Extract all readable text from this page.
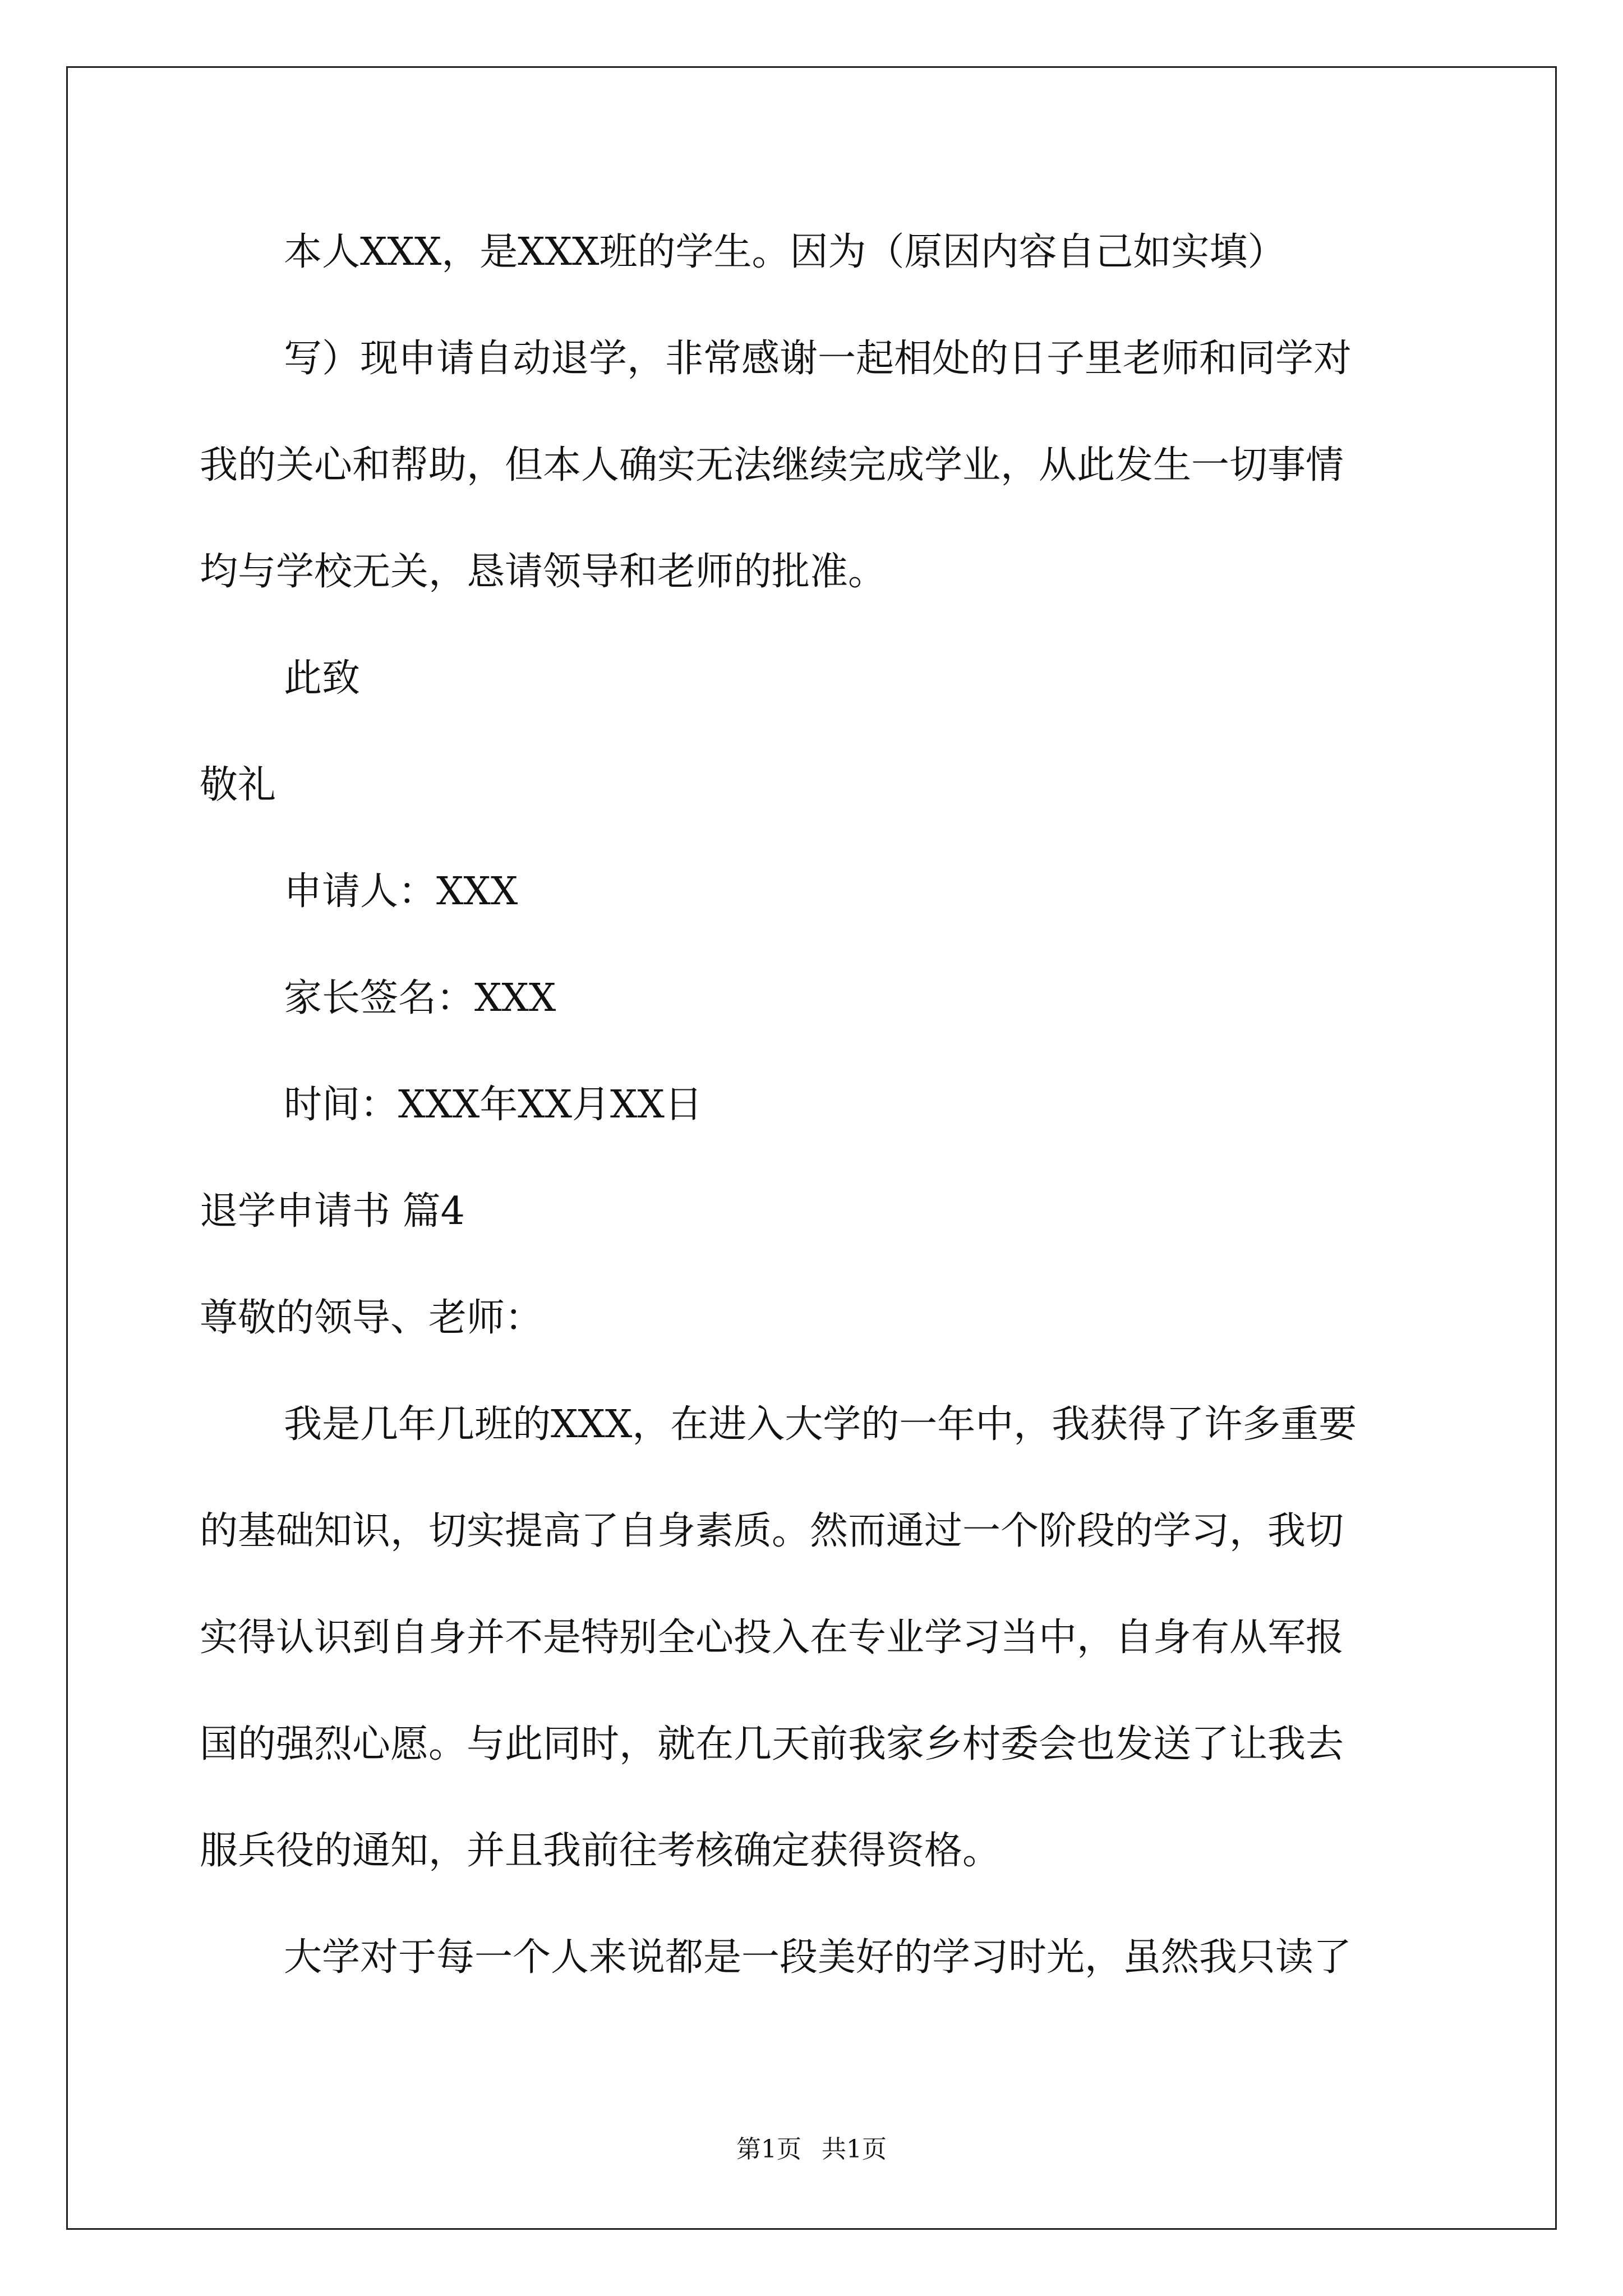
本人XXX，是XXX班的学生。因为（原因内容自己如实填）
写）现申请自动退学，非常感谢一起相处的日子里老师和同学对
我的关心和帮助，但本人确实无法继续完成学业，从此发生一切事情
均与学校无关，恳请领导和老师的批准。
此致
敬礼
申请人：XXX
家长签名：XXX
时间：XXX年XX月XX日
退学申请书 篇4
尊敬的领导、老师：
我是几年几班的XXX，在进入大学的一年中，我获得了许多重要
的基础知识，切实提高了自身素质。然而通过一个阶段的学习，我切
实得认识到自身并不是特别全心投入在专业学习当中，自身有从军报
国的强烈心愿。与此同时，就在几天前我家乡村委会也发送了让我去
服兵役的通知，并且我前往考核确定获得资格。
大学对于每一个人来说都是一段美好的学习时光，虽然我只读了
第1页 共1页
